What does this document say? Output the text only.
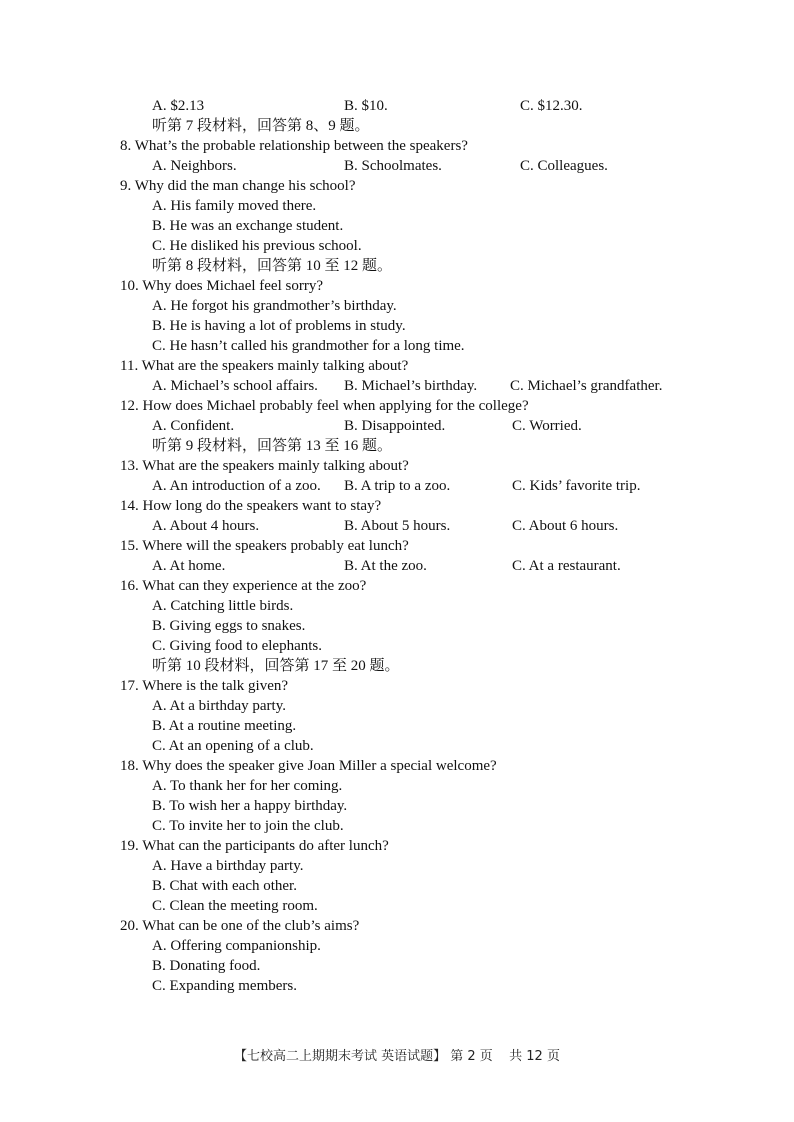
A. $2.13	B. $10.	C. $12.30.
听第 7 段材料，回答第 8、9 题。
8. What’s the probable relationship between the speakers?
A. Neighbors.	B. Schoolmates.	C. Colleagues.
9. Why did the man change his school?
A. His family moved there.
B. He was an exchange student.
C. He disliked his previous school.
听第 8 段材料，回答第 10 至 12 题。
10. Why does Michael feel sorry?
A. He forgot his grandmother’s birthday.
B. He is having a lot of problems in study.
C. He hasn’t called his grandmother for a long time.
11. What are the speakers mainly talking about?
A. Michael’s school affairs. B. Michael’s birthday. C. Michael’s grandfather.
12. How does Michael probably feel when applying for the college?
A. Confident.	B. Disappointed.	C. Worried.
听第 9 段材料，回答第 13 至 16 题。
13. What are the speakers mainly talking about?
A. An introduction of a zoo. B. A trip to a zoo.	C. Kids’ favorite trip.
14. How long do the speakers want to stay?
A. About 4 hours.	B. About 5 hours.	C. About 6 hours.
15. Where will the speakers probably eat lunch?
A. At home.	B. At the zoo.	C. At a restaurant.
16. What can they experience at the zoo?
A. Catching little birds.
B. Giving eggs to snakes.
C. Giving food to elephants.
听第 10 段材料，回答第 17 至 20 题。
17. Where is the talk given?
A. At a birthday party.
B. At a routine meeting.
C. At an opening of a club.
18. Why does the speaker give Joan Miller a special welcome?
A. To thank her for her coming.
B. To wish her a happy birthday.
C. To invite her to join the club.
19. What can the participants do after lunch?
A. Have a birthday party.
B. Chat with each other.
C. Clean the meeting room.
20. What can be one of the club’s aims?
A. Offering companionship.
B. Donating food.
C. Expanding members.
【七校高二上期期末考试 英语试题】 第 2 页 共 12 页
